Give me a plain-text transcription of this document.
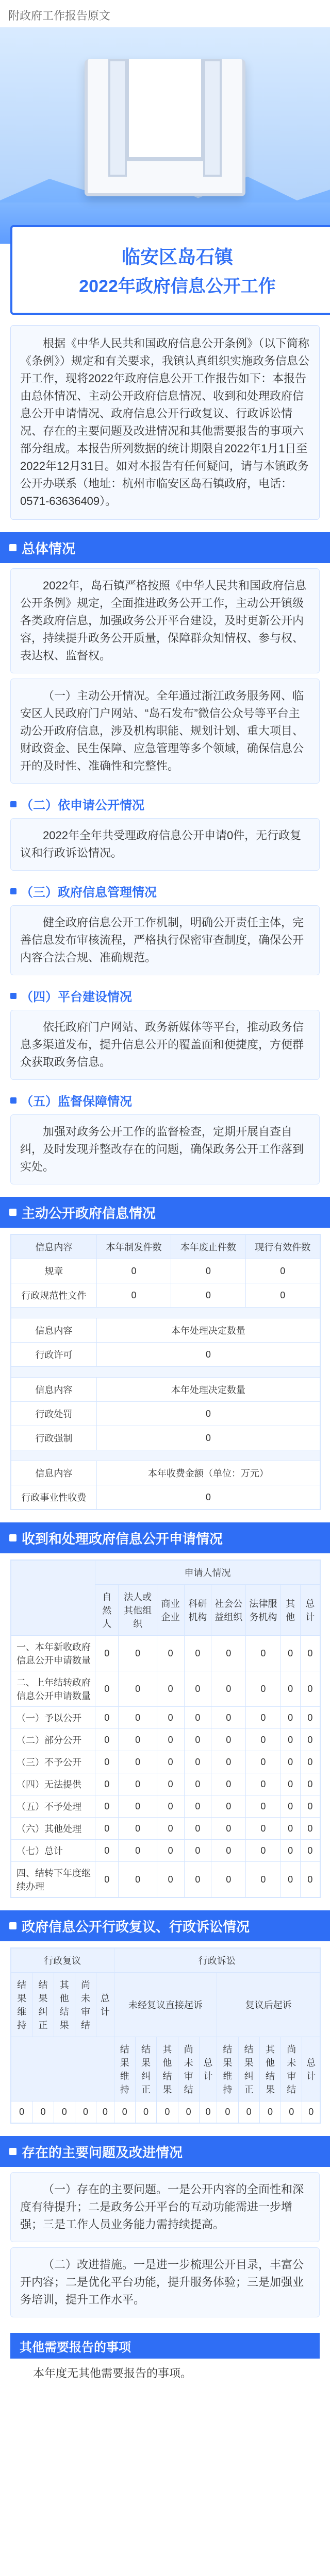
附政府工作报告原文
临安区岛石镇
2022年政府信息公开工作

根据《中华人民共和国政府信息公开条例》（以下简称《条例》）规定和有关要求，我镇认真组织实施政务信息公开工作，现将2022年政府信息公开工作报告如下：本报告由总体情况、主动公开政府信息情况、收到和处理政府信息公开申请情况、政府信息公开行政复议、行政诉讼情况、存在的主要问题及改进情况和其他需要报告的事项六部分组成。本报告所列数据的统计期限自2022年1月1日至2022年12月31日。如对本报告有任何疑问，请与本镇政务公开办联系（地址：杭州市临安区岛石镇政府，电话：0571-63636409）。

总体情况

2022年，岛石镇严格按照《中华人民共和国政府信息公开条例》规定，全面推进政务公开工作，主动公开镇级各类政府信息，加强政务公开平台建设，及时更新公开内容，持续提升政务公开质量，保障群众知情权、参与权、表达权、监督权。

（一）主动公开情况。全年通过浙江政务服务网、临安区人民政府门户网站、“岛石发布”微信公众号等平台主动公开政府信息，涉及机构职能、规划计划、重大项目、财政资金、民生保障、应急管理等多个领域，确保信息公开的及时性、准确性和完整性。

（二）依申请公开情况

2022年全年共受理政府信息公开申请0件，无行政复议和行政诉讼情况。

（三）政府信息管理情况

健全政府信息公开工作机制，明确公开责任主体，完善信息发布审核流程，严格执行保密审查制度，确保公开内容合法合规、准确规范。

（四）平台建设情况

依托政府门户网站、政务新媒体等平台，推动政务信息多渠道发布，提升信息公开的覆盖面和便捷度，方便群众获取政务信息。

（五）监督保障情况

加强对政务公开工作的监督检查，定期开展自查自纠，及时发现并整改存在的问题，确保政务公开工作落到实处。

主动公开政府信息情况
信息内容	本年制发件数	本年废止件数	现行有效件数
规章	0	0	0
行政规范性文件	0	0	0

信息内容	本年处理决定数量		
行政许可	0		

信息内容	本年处理决定数量		
行政处罚	0		
行政强制	0		

信息内容	本年收费金额（单位：万元）		
行政事业性收费	0		
收到和处理政府信息公开申请情况
	申请人情况							
	自然人	法人或其他组织	商业企业	科研机构	社会公益组织	法律服务机构	其他	总计
一、本年新收政府信息公开申请数量	0	0	0	0	0	0	0	0
二、上年结转政府信息公开申请数量	0	0	0	0	0	0	0	0
（一）予以公开	0	0	0	0	0	0	0	0
（二）部分公开	0	0	0	0	0	0	0	0
（三）不予公开	0	0	0	0	0	0	0	0
（四）无法提供	0	0	0	0	0	0	0	0
（五）不予处理	0	0	0	0	0	0	0	0
（六）其他处理	0	0	0	0	0	0	0	0
（七）总计	0	0	0	0	0	0	0	0
四、结转下年度继续办理	0	0	0	0	0	0	0	0
政府信息公开行政复议、行政诉讼情况
行政复议					行政诉讼									
结果维持	结果纠正	其他结果	尚未审结	总计	未经复议直接起诉					复议后起诉				
					结果维持	结果纠正	其他结果	尚未审结	总计	结果维持	结果纠正	其他结果	尚未审结	总计
0	0	0	0	0	0	0	0	0	0	0	0	0	0	0
存在的主要问题及改进情况

（一）存在的主要问题。一是公开内容的全面性和深度有待提升；二是政务公开平台的互动功能需进一步增强；三是工作人员业务能力需持续提高。

（二）改进措施。一是进一步梳理公开目录，丰富公开内容；二是优化平台功能，提升服务体验；三是加强业务培训，提升工作水平。

其他需要报告的事项

本年度无其他需要报告的事项。
